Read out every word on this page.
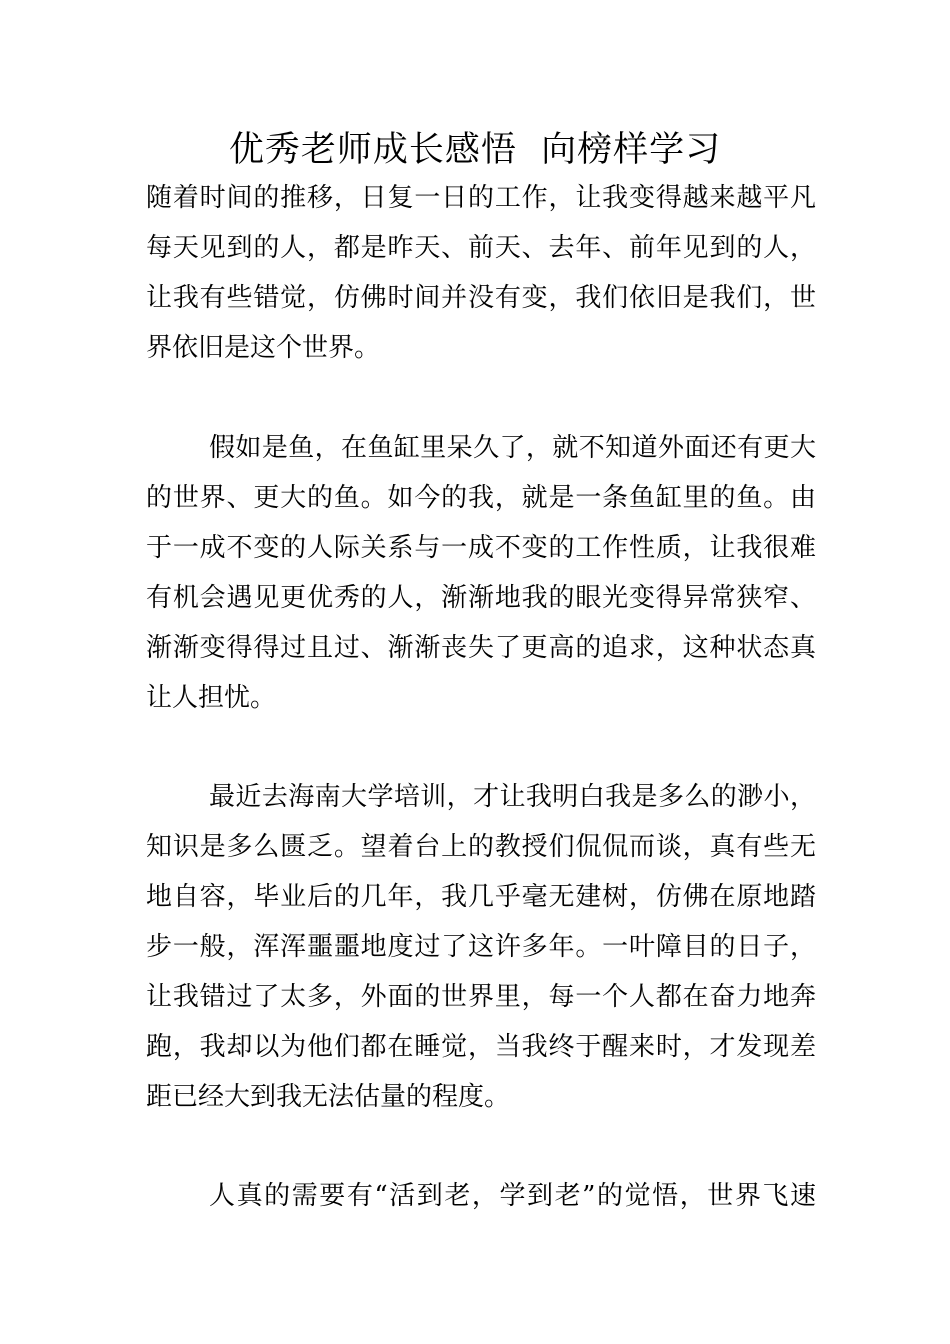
优秀老师成长感悟  向榜样学习
随着时间的推移，日复一日的工作，让我变得越来越平凡
每天见到的人，都是昨天、前天、去年、前年见到的人，
让我有些错觉，仿佛时间并没有变，我们依旧是我们，世
界依旧是这个世界。
假如是鱼，在鱼缸里呆久了，就不知道外面还有更大
的世界、更大的鱼。如今的我，就是一条鱼缸里的鱼。由
于一成不变的人际关系与一成不变的工作性质，让我很难
有机会遇见更优秀的人，渐渐地我的眼光变得异常狭窄、
渐渐变得得过且过、渐渐丧失了更高的追求，这种状态真
让人担忧。
最近去海南大学培训，才让我明白我是多么的渺小，
知识是多么匮乏。望着台上的教授们侃侃而谈，真有些无
地自容，毕业后的几年，我几乎毫无建树，仿佛在原地踏
步一般，浑浑噩噩地度过了这许多年。一叶障目的日子，
让我错过了太多，外面的世界里，每一个人都在奋力地奔
跑，我却以为他们都在睡觉，当我终于醒来时，才发现差
距已经大到我无法估量的程度。
人真的需要有“活到老，学到老”的觉悟，世界飞速
